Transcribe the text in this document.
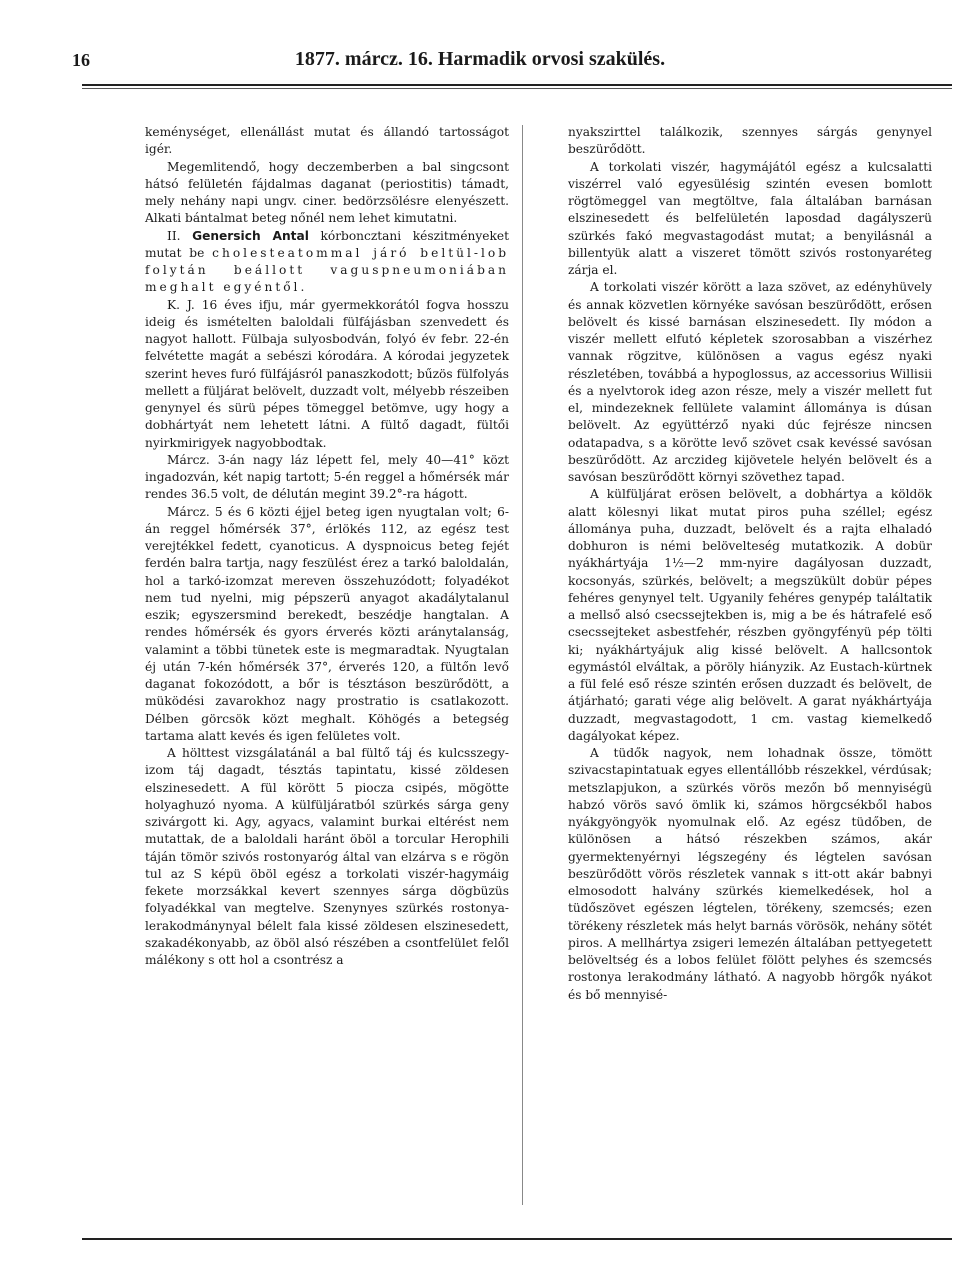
16	1877. márcz. 16. Harmadik orvosi szakülés.

keménységet, ellenállást mutat és állandó tartosságot igér.

Megemlitendő, hogy deczemberben a bal singcsont hátsó felületén fájdalmas daganat (periostitis) támadt, mely nehány napi ungv. ciner. bedörzsölésre elenyészett. Alkati bántalmat beteg nőnél nem lehet kimutatni.

II. Genersich Antal kórboncztani készitményeket mutat be cholesteatommal járó beltül-lob folytán beállott vaguspneumoniában meghalt egyéntől.

K. J. 16 éves ifju, már gyermekkorától fogva hosszu ideig és ismételten baloldali fülfájásban szenvedett és nagyot hallott. Fülbaja sulyosbodván, folyó év febr. 22-én felvétette magát a sebészi kórodára. A kórodai jegyzetek szerint heves furó fülfájásról panaszkodott; bűzös fülfolyás mellett a füljárat belövelt, duzzadt volt, mélyebb részeiben genynyel és sürü pépes tömeggel betömve, ugy hogy a dobhártyát nem lehetett látni. A fültő dagadt, fültői nyirkmirigyek nagyobbodtak.

Márcz. 3-án nagy láz lépett fel, mely 40—41° közt ingadozván, két napig tartott; 5-én reggel a hőmérsék már rendes 36.5 volt, de délután megint 39.2°-ra hágott.

Márcz. 5 és 6 közti éjjel beteg igen nyugtalan volt; 6-án reggel hőmérsék 37°, érlökés 112, az egész test verejtékkel fedett, cyanoticus. A dyspnoicus beteg fejét ferdén balra tartja, nagy feszülést érez a tarkó baloldalán, hol a tarkó-izomzat mereven összehuzódott; folyadékot nem tud nyelni, mig pépszerü anyagot akadálytalanul eszik; egyszersmind berekedt, beszédje hangtalan. A rendes hőmérsék és gyors érverés közti aránytalanság, valamint a többi tünetek este is megmaradtak. Nyugtalan éj után 7-kén hőmérsék 37°, érverés 120, a fültőn levő daganat fokozódott, a bőr is tésztáson beszürődött, a müködési zavarokhoz nagy prostratio is csatlakozott. Délben görcsök közt meghalt. Köhögés a betegség tartama alatt kevés és igen felületes volt.

A hölttest vizsgálatánál a bal fültő táj és kulcsszegy-izom táj dagadt, tésztás tapintatu, kissé zöldesen elszinesedett. A fül körött 5 piocza csipés, mögötte holyaghuzó nyoma. A külfüljáratból szürkés sárga geny szivárgott ki. Agy, agyacs, valamint burkai eltérést nem mutattak, de a baloldali haránt öböl a torcular Herophili táján tömör szivós rostonyaróg által van elzárva s e rögön tul az S képü öböl egész a torkolati viszér-hagymáig fekete morzsákkal kevert szennyes sárga dögbüzüs folyadékkal van megtelve. Szenynyes szürkés rostonya-lerakodmánynyal bélelt fala kissé zöldesen elszinesedett, szakadékonyabb, az öböl alsó részében a csontfelület felől málékony s ott hol a csontrész a

nyakszirttel találkozik, szennyes sárgás genynyel beszürődött.

A torkolati viszér, hagymájától egész a kulcsalatti viszérrel való egyesülésig szintén evesen bomlott rögtömeggel van megtöltve, fala általában barnásan elszinesedett és belfelületén laposdad dagályszerü szürkés fakó megvastagodást mutat; a benyilásnál a billentyük alatt a viszeret tömött szivós rostonyaréteg zárja el.

A torkolati viszér körött a laza szövet, az edényhüvely és annak közvetlen környéke savósan beszürődött, erősen belövelt és kissé barnásan elszinesedett. Ily módon a viszér mellett elfutó képletek szorosabban a viszérhez vannak rögzitve, különösen a vagus egész nyaki részletében, továbbá a hypoglossus, az accessorius Willisii és a nyelvtorok ideg azon része, mely a viszér mellett fut el, mindezeknek fellülete valamint állománya is dúsan belövelt. Az együttérző nyaki dúc fejrésze nincsen odatapadva, s a körötte levő szövet csak kevéssé savósan beszürődött. Az arczideg kijövetele helyén belövelt és a savósan beszürődött környi szövethez tapad.

A külfüljárat erösen belövelt, a dobhártya a köldök alatt kölesnyi likat mutat piros puha széllel; egész állománya puha, duzzadt, belövelt és a rajta elhaladó dobhuron is némi belövelteség mutatkozik. A dobür nyákhártyája 1½—2 mm-nyire dagályosan duzzadt, kocsonyás, szürkés, belövelt; a megszükült dobür pépes fehéres genynyel telt. Ugyanily fehéres genypép találtatik a mellső alsó csecssejtekben is, mig a be és hátrafelé eső csecssejteket asbestfehér, részben gyöngyfényü pép tölti ki; nyákhártyájuk alig kissé belövelt. A hallcsontok egymástól elváltak, a pöröly hiányzik. Az Eustach-kürtnek a fül felé eső része szintén erősen duzzadt és belövelt, de átjárható; garati vége alig belövelt. A garat nyákhártyája duzzadt, megvastagodott, 1 cm. vastag kiemelkedő dagályokat képez.

A tüdők nagyok, nem lohadnak össze, tömött szivacstapintatuak egyes ellentállóbb részekkel, vérdúsak; metszlapjukon, a szürkés vörös mezőn bő mennyiségü habzó vörös savó ömlik ki, számos hörgcsékből habos nyákgyöngyök nyomulnak elő. Az egész tüdőben, de különösen a hátsó részekben számos, akár gyermektenyérnyi légszegény és légtelen savósan beszürődött vörös részletek vannak s itt-ott akár babnyi elmosodott halvány szürkés kiemelkedések, hol a tüdőszövet egészen légtelen, törékeny, szemcsés; ezen törékeny részletek más helyt barnás vörösök, nehány sötét piros. A mellhártya zsigeri lemezén általában pettyegetett belöveltség és a lobos felület fölött pelyhes és szemcsés rostonya lerakodmány látható. A nagyobb hörgők nyákot és bő mennyisé-
